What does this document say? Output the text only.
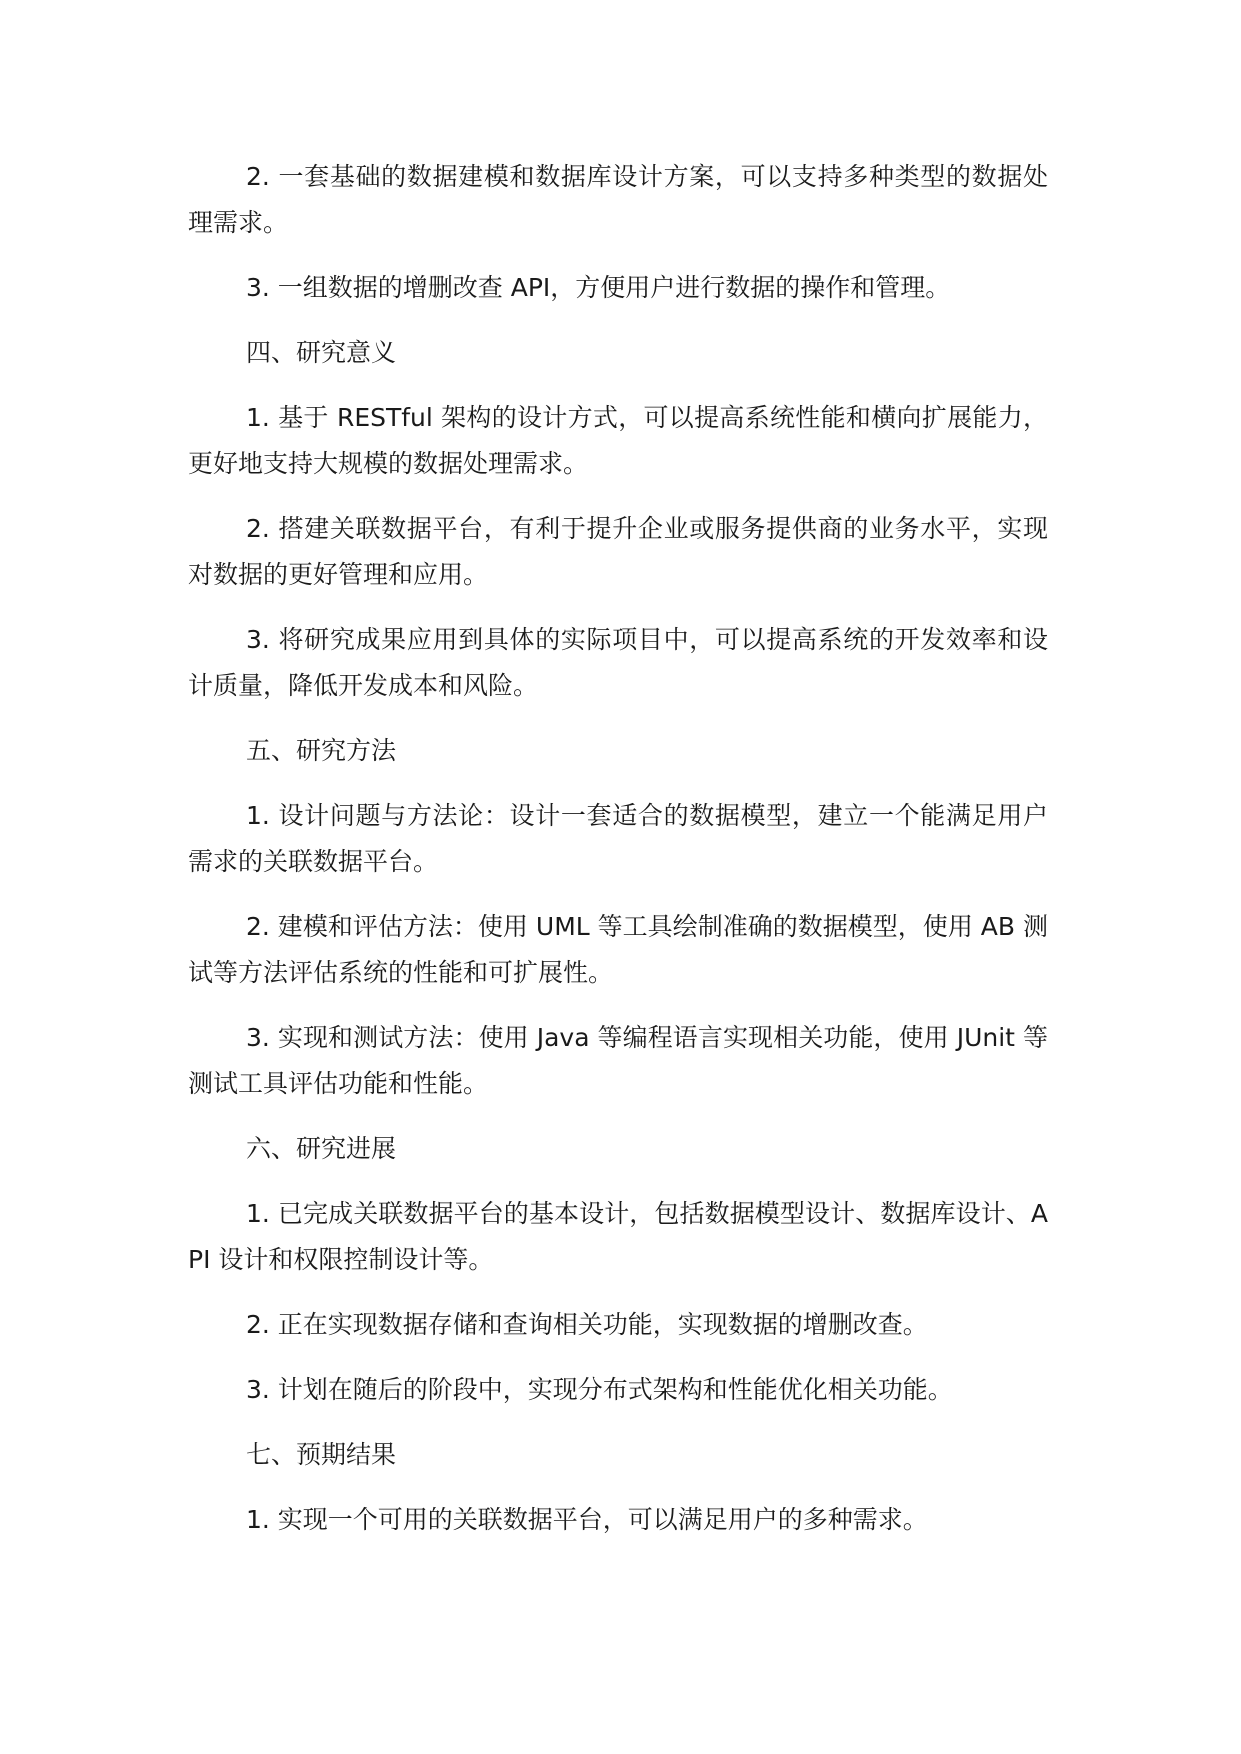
2. 一套基础的数据建模和数据库设计方案，可以支持多种类型的数据处理需求。

3. 一组数据的增删改查 API，方便用户进行数据的操作和管理。

四、研究意义

1. 基于 RESTful 架构的设计方式，可以提高系统性能和横向扩展能力，更好地支持大规模的数据处理需求。

2. 搭建关联数据平台，有利于提升企业或服务提供商的业务水平，实现对数据的更好管理和应用。

3. 将研究成果应用到具体的实际项目中，可以提高系统的开发效率和设计质量，降低开发成本和风险。

五、研究方法

1. 设计问题与方法论：设计一套适合的数据模型，建立一个能满足用户需求的关联数据平台。

2. 建模和评估方法：使用 UML 等工具绘制准确的数据模型，使用 AB 测试等方法评估系统的性能和可扩展性。

3. 实现和测试方法：使用 Java 等编程语言实现相关功能，使用 JUnit 等测试工具评估功能和性能。

六、研究进展

1. 已完成关联数据平台的基本设计，包括数据模型设计、数据库设计、API 设计和权限控制设计等。

2. 正在实现数据存储和查询相关功能，实现数据的增删改查。

3. 计划在随后的阶段中，实现分布式架构和性能优化相关功能。

七、预期结果

1. 实现一个可用的关联数据平台，可以满足用户的多种需求。
